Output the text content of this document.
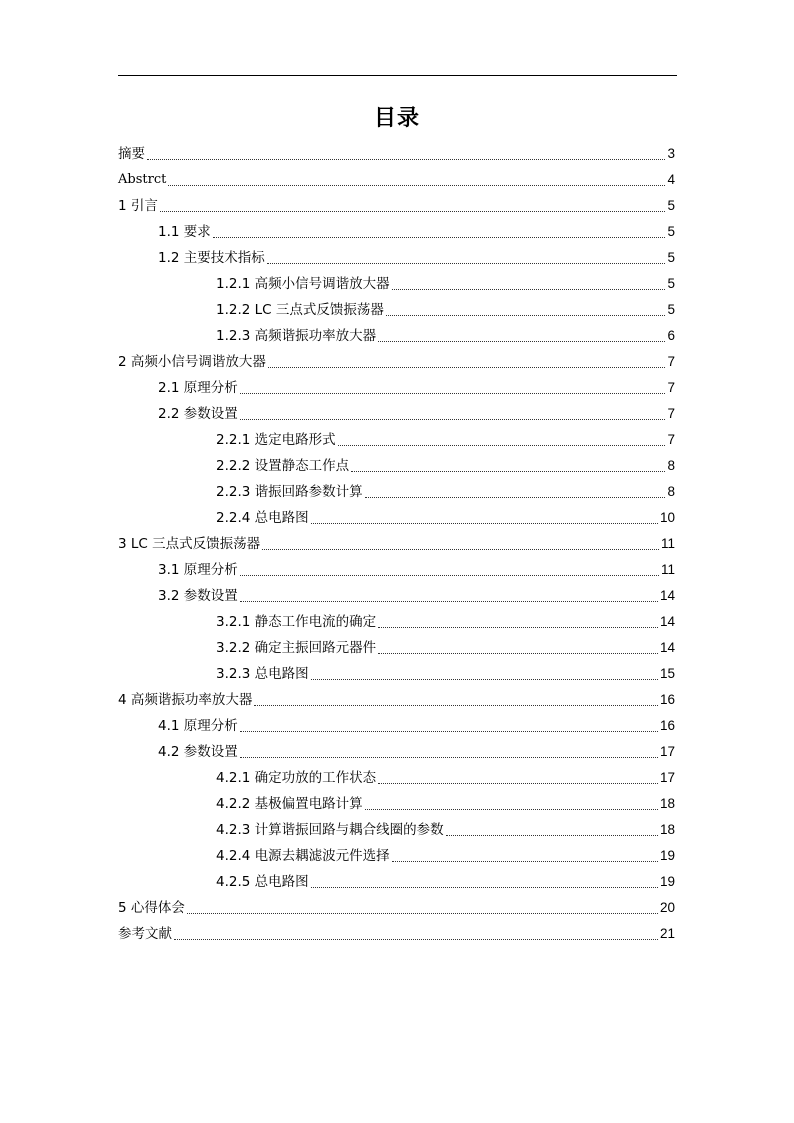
目录
摘要	3
Abstrct	4
1 引言	5
1.1 要求	5
1.2 主要技术指标	5
1.2.1 高频小信号调谐放大器	5
1.2.2 LC 三点式反馈振荡器	5
1.2.3 高频谐振功率放大器	6
2 高频小信号调谐放大器	7
2.1 原理分析	7
2.2 参数设置	7
2.2.1 选定电路形式	7
2.2.2 设置静态工作点	8
2.2.3 谐振回路参数计算	8
2.2.4 总电路图	10
3 LC 三点式反馈振荡器	11
3.1 原理分析	11
3.2 参数设置	14
3.2.1 静态工作电流的确定	14
3.2.2 确定主振回路元器件	14
3.2.3 总电路图	15
4 高频谐振功率放大器	16
4.1 原理分析	16
4.2 参数设置	17
4.2.1 确定功放的工作状态	17
4.2.2 基极偏置电路计算	18
4.2.3 计算谐振回路与耦合线圈的参数	18
4.2.4 电源去耦滤波元件选择	19
4.2.5 总电路图	19
5 心得体会	20
参考文献	21
